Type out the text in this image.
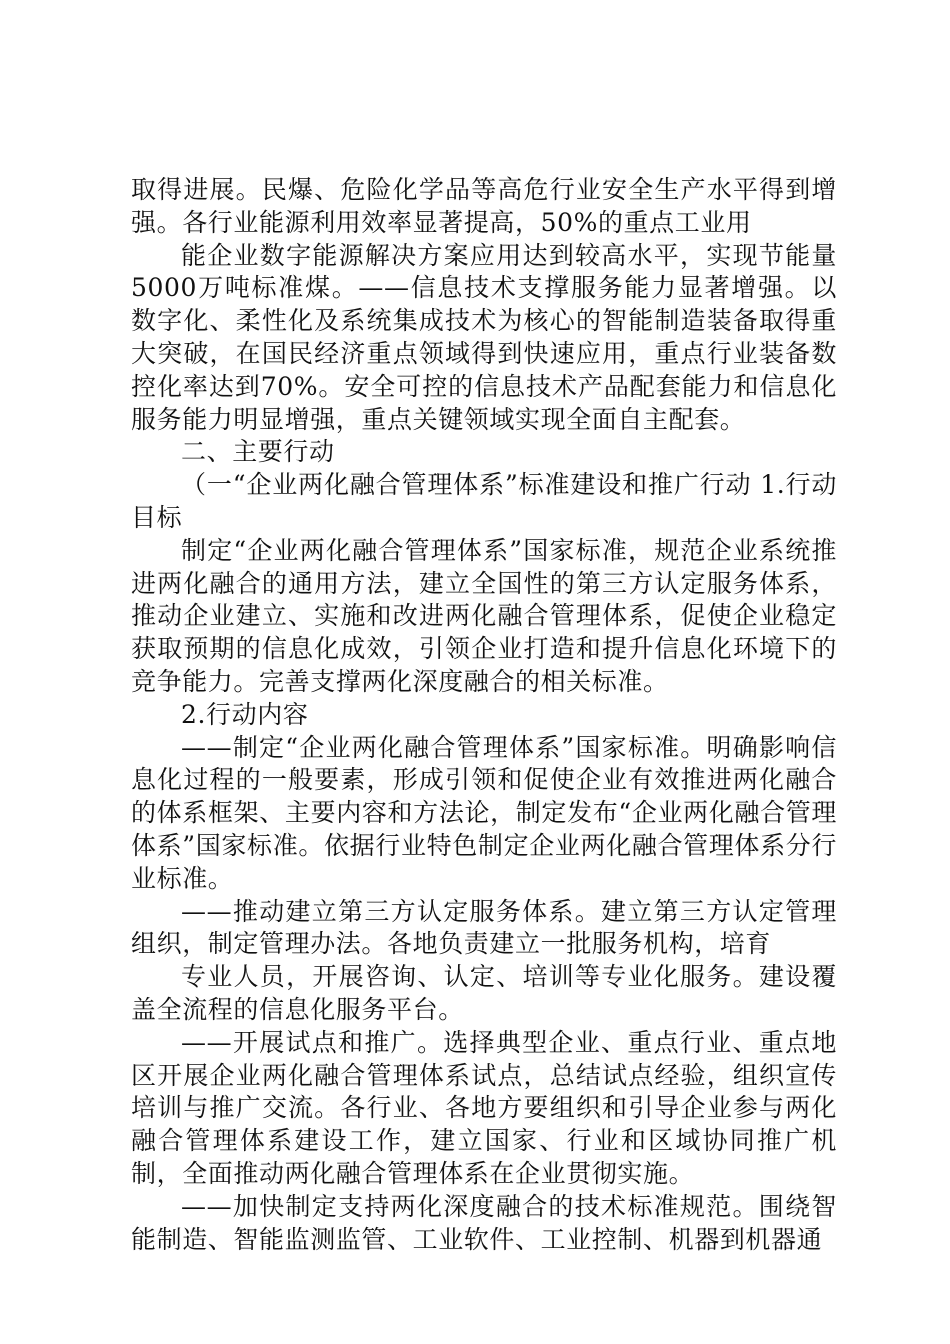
取得进展。民爆、危险化学品等高危行业安全生产水平得到增强。各行业能源利用效率显著提高，50%的重点工业用

能企业数字能源解决方案应用达到较高水平，实现节能量5000万吨标准煤。——信息技术支撑服务能力显著增强。以数字化、柔性化及系统集成技术为核心的智能制造装备取得重大突破，在国民经济重点领域得到快速应用，重点行业装备数控化率达到70%。安全可控的信息技术产品配套能力和信息化服务能力明显增强，重点关键领域实现全面自主配套。

二、主要行动

（一“企业两化融合管理体系”标准建设和推广行动 1.行动目标

制定“企业两化融合管理体系”国家标准，规范企业系统推进两化融合的通用方法，建立全国性的第三方认定服务体系，推动企业建立、实施和改进两化融合管理体系，促使企业稳定获取预期的信息化成效，引领企业打造和提升信息化环境下的竞争能力。完善支撑两化深度融合的相关标准。

2.行动内容

——制定“企业两化融合管理体系”国家标准。明确影响信息化过程的一般要素，形成引领和促使企业有效推进两化融合的体系框架、主要内容和方法论，制定发布“企业两化融合管理体系”国家标准。依据行业特色制定企业两化融合管理体系分行业标准。

——推动建立第三方认定服务体系。建立第三方认定管理组织，制定管理办法。各地负责建立一批服务机构，培育

专业人员，开展咨询、认定、培训等专业化服务。建设覆盖全流程的信息化服务平台。

——开展试点和推广。选择典型企业、重点行业、重点地区开展企业两化融合管理体系试点，总结试点经验，组织宣传培训与推广交流。各行业、各地方要组织和引导企业参与两化融合管理体系建设工作，建立国家、行业和区域协同推广机制，全面推动两化融合管理体系在企业贯彻实施。

——加快制定支持两化深度融合的技术标准规范。围绕智能制造、智能监测监管、工业软件、工业控制、机器到机器通
